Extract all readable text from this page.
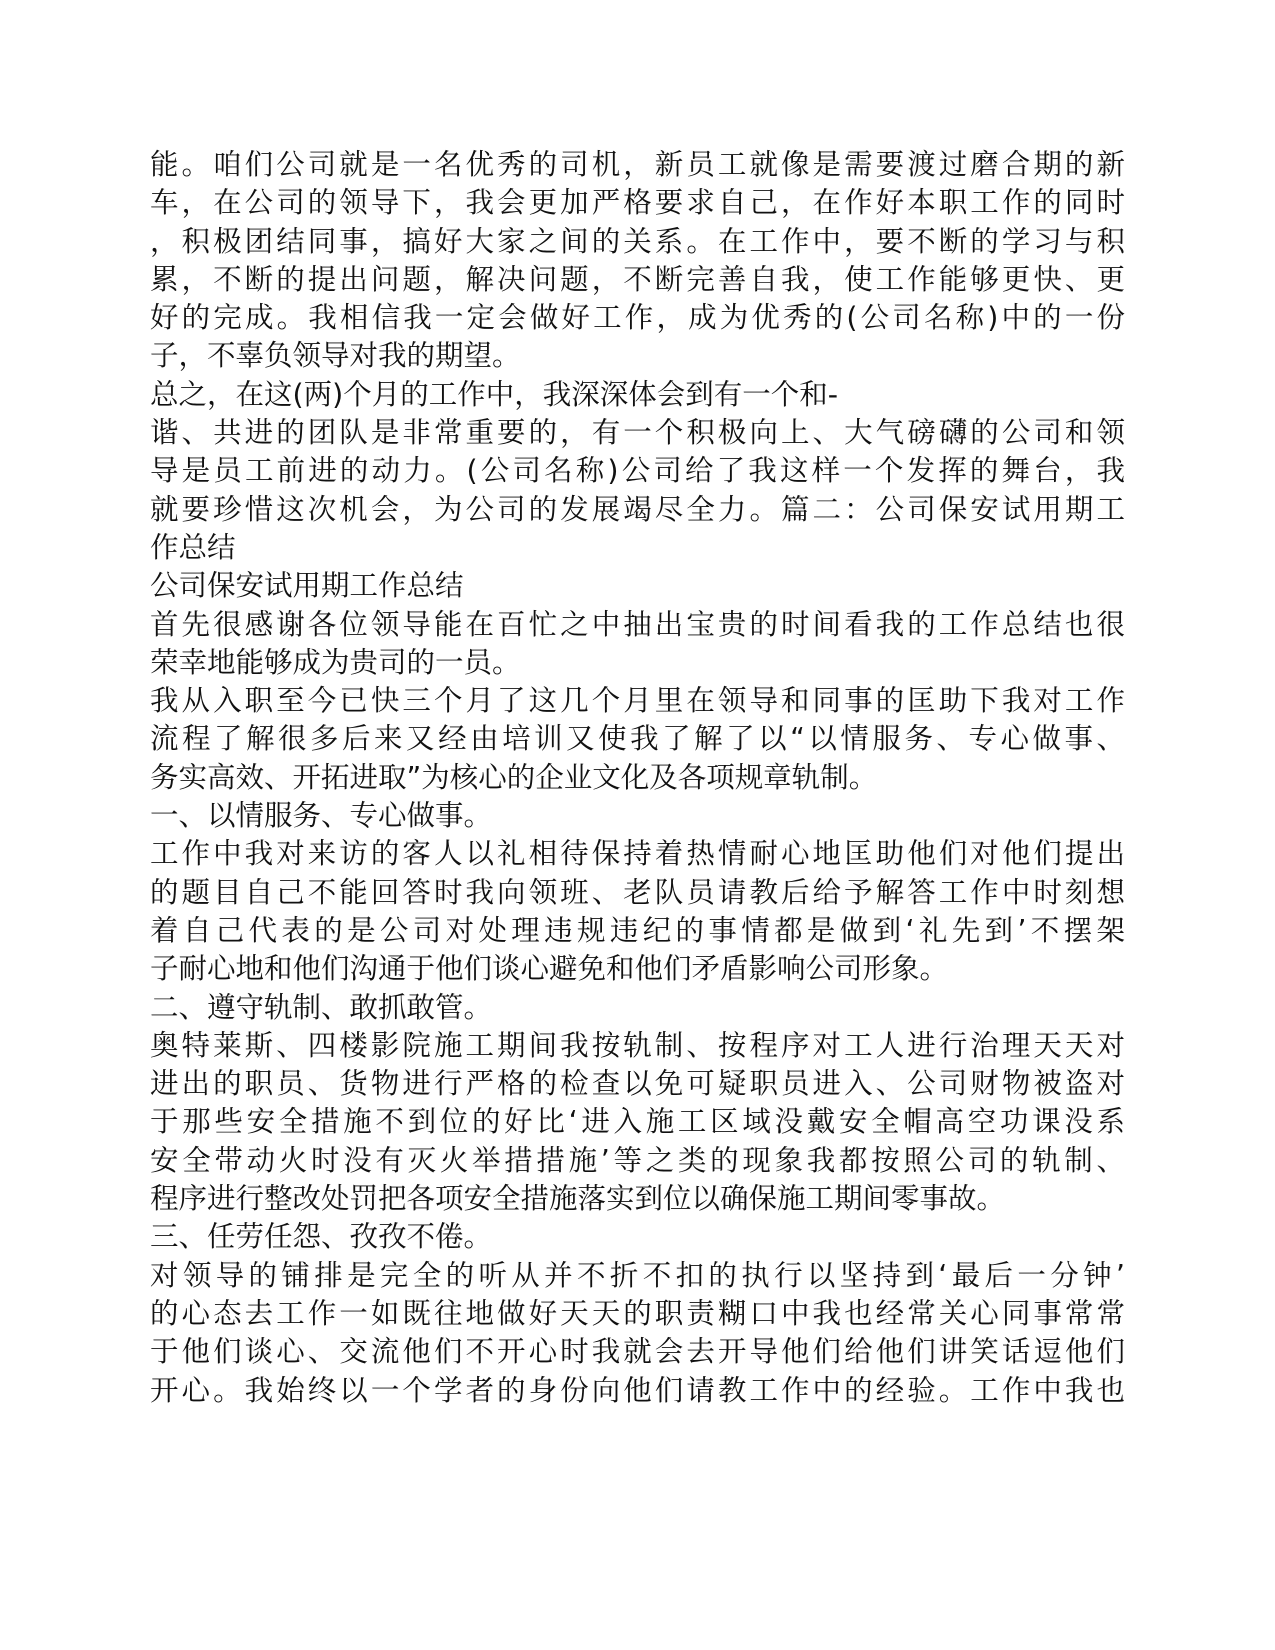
能。咱们公司就是一名优秀的司机，新员工就像是需要渡过磨合期的新
车，在公司的领导下，我会更加严格要求自己，在作好本职工作的同时
，积极团结同事，搞好大家之间的关系。在工作中，要不断的学习与积
累，不断的提出问题，解决问题，不断完善自我，使工作能够更快、更
好的完成。我相信我一定会做好工作，成为优秀的(公司名称)中的一份
子，不辜负领导对我的期望。
总之，在这(两)个月的工作中，我深深体会到有一个和-
谐、共进的团队是非常重要的，有一个积极向上、大气磅礴的公司和领
导是员工前进的动力。(公司名称)公司给了我这样一个发挥的舞台，我
就要珍惜这次机会，为公司的发展竭尽全力。篇二：公司保安试用期工
作总结
公司保安试用期工作总结
首先很感谢各位领导能在百忙之中抽出宝贵的时间看我的工作总结也很
荣幸地能够成为贵司的一员。
我从入职至今已快三个月了这几个月里在领导和同事的匡助下我对工作
流程了解很多后来又经由培训又使我了解了以“以情服务、专心做事、
务实高效、开拓进取”为核心的企业文化及各项规章轨制。
一、以情服务、专心做事。
工作中我对来访的客人以礼相待保持着热情耐心地匡助他们对他们提出
的题目自己不能回答时我向领班、老队员请教后给予解答工作中时刻想
着自己代表的是公司对处理违规违纪的事情都是做到‘礼先到’不摆架
子耐心地和他们沟通于他们谈心避免和他们矛盾影响公司形象。
二、遵守轨制、敢抓敢管。
奥特莱斯、四楼影院施工期间我按轨制、按程序对工人进行治理天天对
进出的职员、货物进行严格的检查以免可疑职员进入、公司财物被盗对
于那些安全措施不到位的好比‘进入施工区域没戴安全帽高空功课没系
安全带动火时没有灭火举措措施’等之类的现象我都按照公司的轨制、
程序进行整改处罚把各项安全措施落实到位以确保施工期间零事故。
三、任劳任怨、孜孜不倦。
对领导的铺排是完全的听从并不折不扣的执行以坚持到‘最后一分钟’
的心态去工作一如既往地做好天天的职责糊口中我也经常关心同事常常
于他们谈心、交流他们不开心时我就会去开导他们给他们讲笑话逗他们
开心。我始终以一个学者的身份向他们请教工作中的经验。工作中我也
